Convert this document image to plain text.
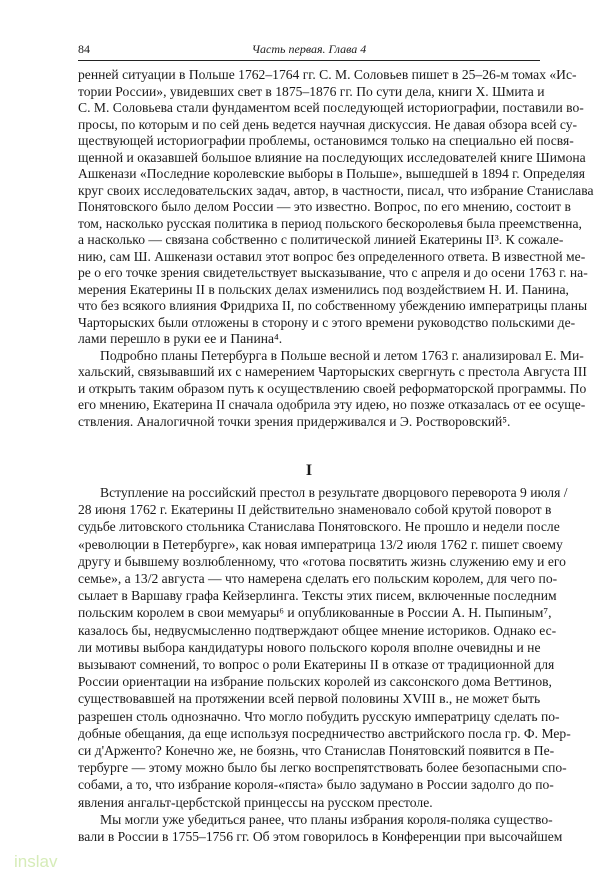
84	Часть первая. Глава 4
ренней ситуации в Польше 1762–1764 гг. С. М. Соловьев пишет в 25–26-м томах «Ис-
тории России», увидевших свет в 1875–1876 гг. По сути дела, книги Х. Шмита и
С. М. Соловьева стали фундаментом всей последующей историографии, поставили во-
просы, по которым и по сей день ведется научная дискуссия. Не давая обзора всей су-
ществующей историографии проблемы, остановимся только на специально ей посвя-
щенной и оказавшей большое влияние на последующих исследователей книге Шимона
Ашкенази «Последние королевские выборы в Польше», вышедшей в 1894 г. Определяя
круг своих исследовательских задач, автор, в частности, писал, что избрание Станислава
Понятовского было делом России — это известно. Вопрос, по его мнению, состоит в
том, насколько русская политика в период польского бескоролевья была преемственна,
а насколько — связана собственно с политической линией Екатерины II³. К сожале-
нию, сам Ш. Ашкенази оставил этот вопрос без определенного ответа. В известной ме-
ре о его точке зрения свидетельствует высказывание, что с апреля и до осени 1763 г. на-
мерения Екатерины II в польских делах изменились под воздействием Н. И. Панина,
что без всякого влияния Фридриха II, по собственному убеждению императрицы планы
Чарторыских были отложены в сторону и с этого времени руководство польскими де-
лами перешло в руки ее и Панина⁴.
Подробно планы Петербурга в Польше весной и летом 1763 г. анализировал Е. Ми-
хальский, связывавший их с намерением Чарторыских свергнуть с престола Августа III
и открыть таким образом путь к осуществлению своей реформаторской программы. По
его мнению, Екатерина II сначала одобрила эту идею, но позже отказалась от ее осуще-
ствления. Аналогичной точки зрения придерживался и Э. Ростворовский⁵.
I
Вступление на российский престол в результате дворцового переворота 9 июля /
28 июня 1762 г. Екатерины II действительно знаменовало собой крутой поворот в
судьбе литовского стольника Станислава Понятовского. Не прошло и недели после
«революции в Петербурге», как новая императрица 13/2 июля 1762 г. пишет своему
другу и бывшему возлюбленному, что «готова посвятить жизнь служению ему и его
семье», а 13/2 августа — что намерена сделать его польским королем, для чего по-
сылает в Варшаву графа Кейзерлинга. Тексты этих писем, включенные последним
польским королем в свои мемуары⁶ и опубликованные в России А. Н. Пыпиным⁷,
казалось бы, недвусмысленно подтверждают общее мнение историков. Однако ес-
ли мотивы выбора кандидатуры нового польского короля вполне очевидны и не
вызывают сомнений, то вопрос о роли Екатерины II в отказе от традиционной для
России ориентации на избрание польских королей из саксонского дома Веттинов,
существовавшей на протяжении всей первой половины XVIII в., не может быть
разрешен столь однозначно. Что могло побудить русскую императрицу сделать по-
добные обещания, да еще используя посредничество австрийского посла гр. Ф. Мер-
си д'Арженто? Конечно же, не боязнь, что Станислав Понятовский появится в Пе-
тербурге — этому можно было бы легко воспрепятствовать более безопасными спо-
собами, а то, что избрание короля-«пяста» было задумано в России задолго до по-
явления ангальт-цербстской принцессы на русском престоле.
Мы могли уже убедиться ранее, что планы избрания короля-поляка существо-
вали в России в 1755–1756 гг. Об этом говорилось в Конференции при высочайшем
inslav
